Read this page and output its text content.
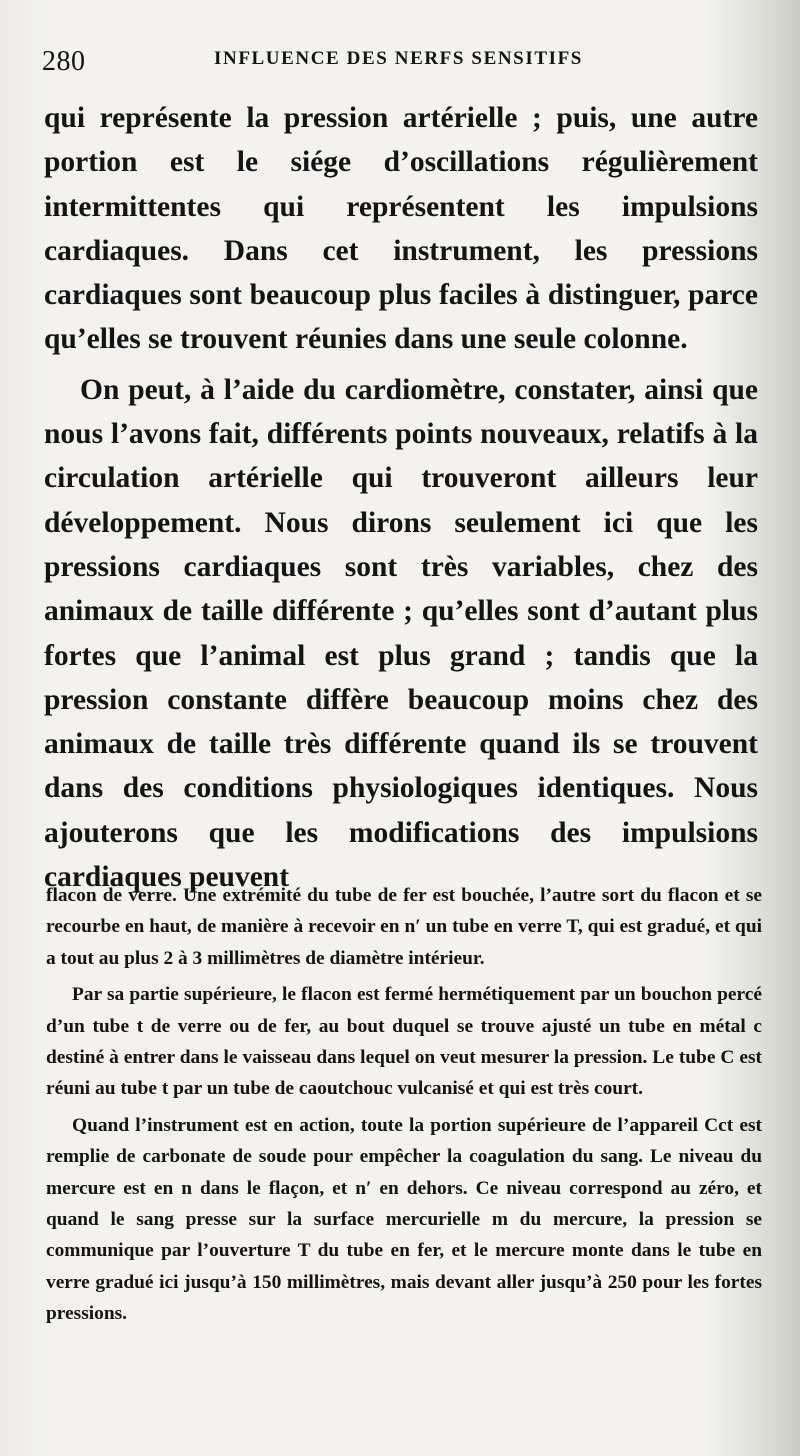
280	INFLUENCE DES NERFS SENSITIFS

qui représente la pression artérielle ; puis, une autre portion est le siége d’oscillations régulièrement intermittentes qui représentent les impulsions cardiaques. Dans cet instrument, les pressions cardiaques sont beaucoup plus faciles à distinguer, parce qu’elles se trouvent réunies dans une seule colonne.

On peut, à l’aide du cardiomètre, constater, ainsi que nous l’avons fait, différents points nouveaux, relatifs à la circulation artérielle qui trouveront ailleurs leur développement. Nous dirons seulement ici que les pressions cardiaques sont très variables, chez des animaux de taille différente ; qu’elles sont d’autant plus fortes que l’animal est plus grand ; tandis que la pression constante diffère beaucoup moins chez des animaux de taille très différente quand ils se trouvent dans des conditions physiologiques identiques. Nous ajouterons que les modifications des impulsions cardiaques peuvent

flacon de verre. Une extrémité du tube de fer est bouchée, l’autre sort du flacon et se recourbe en haut, de manière à recevoir en n′ un tube en verre T, qui est gradué, et qui a tout au plus 2 à 3 millimètres de diamètre intérieur.

Par sa partie supérieure, le flacon est fermé hermétiquement par un bouchon percé d’un tube t de verre ou de fer, au bout duquel se trouve ajusté un tube en métal c destiné à entrer dans le vaisseau dans lequel on veut mesurer la pression. Le tube C est réuni au tube t par un tube de caoutchouc vulcanisé et qui est très court.

Quand l’instrument est en action, toute la portion supérieure de l’appareil Cct est remplie de carbonate de soude pour empêcher la coagulation du sang. Le niveau du mercure est en n dans le flaçon, et n′ en dehors. Ce niveau correspond au zéro, et quand le sang presse sur la surface mercurielle m du mercure, la pression se communique par l’ouverture T du tube en fer, et le mercure monte dans le tube en verre gradué ici jusqu’à 150 millimètres, mais devant aller jusqu’à 250 pour les fortes pressions.
